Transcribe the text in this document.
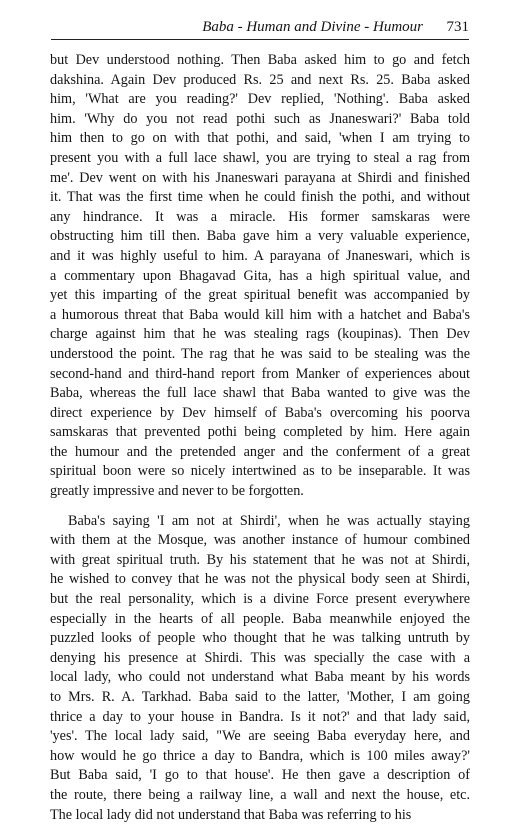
Baba - Human and Divine - Humour 731
but Dev understood nothing. Then Baba asked him to go and fetch
dakshina. Again Dev produced Rs. 25 and next Rs. 25. Baba asked
him, 'What are you reading?' Dev replied, 'Nothing'. Baba asked
him. 'Why do you not read pothi such as Jnaneswari?' Baba told
him then to go on with that pothi, and said, 'when I am trying to
present you with a full lace shawl, you are trying to steal a rag from
me'. Dev went on with his Jnaneswari parayana at Shirdi and finished
it. That was the first time when he could finish the pothi, and without
any hindrance. It was a miracle. His former samskaras were
obstructing him till then. Baba gave him a very valuable experience,
and it was highly useful to him. A parayana of Jnaneswari, which is
a commentary upon Bhagavad Gita, has a high spiritual value, and
yet this imparting of the great spiritual benefit was accompanied by
a humorous threat that Baba would kill him with a hatchet and Baba's
charge against him that he was stealing rags (koupinas). Then Dev
understood the point. The rag that he was said to be stealing was the
second-hand and third-hand report from Manker of experiences about
Baba, whereas the full lace shawl that Baba wanted to give was the
direct experience by Dev himself of Baba's overcoming his poorva
samskaras that prevented pothi being completed by him. Here again
the humour and the pretended anger and the conferment of a great
spiritual boon were so nicely intertwined as to be inseparable. It was
greatly impressive and never to be forgotten.
Baba's saying 'I am not at Shirdi', when he was actually staying
with them at the Mosque, was another instance of humour combined
with great spiritual truth. By his statement that he was not at Shirdi,
he wished to convey that he was not the physical body seen at Shirdi,
but the real personality, which is a divine Force present everywhere
especially in the hearts of all people. Baba meanwhile enjoyed the
puzzled looks of people who thought that he was talking untruth by
denying his presence at Shirdi. This was specially the case with a
local lady, who could not understand what Baba meant by his words
to Mrs. R. A. Tarkhad. Baba said to the latter, 'Mother, I am going
thrice a day to your house in Bandra. Is it not?' and that lady said,
'yes'. The local lady said, "We are seeing Baba everyday here, and
how would he go thrice a day to Bandra, which is 100 miles away?'
But Baba said, 'I go to that house'. He then gave a description of
the route, there being a railway line, a wall and next the house, etc.
The local lady did not understand that Baba was referring to his
